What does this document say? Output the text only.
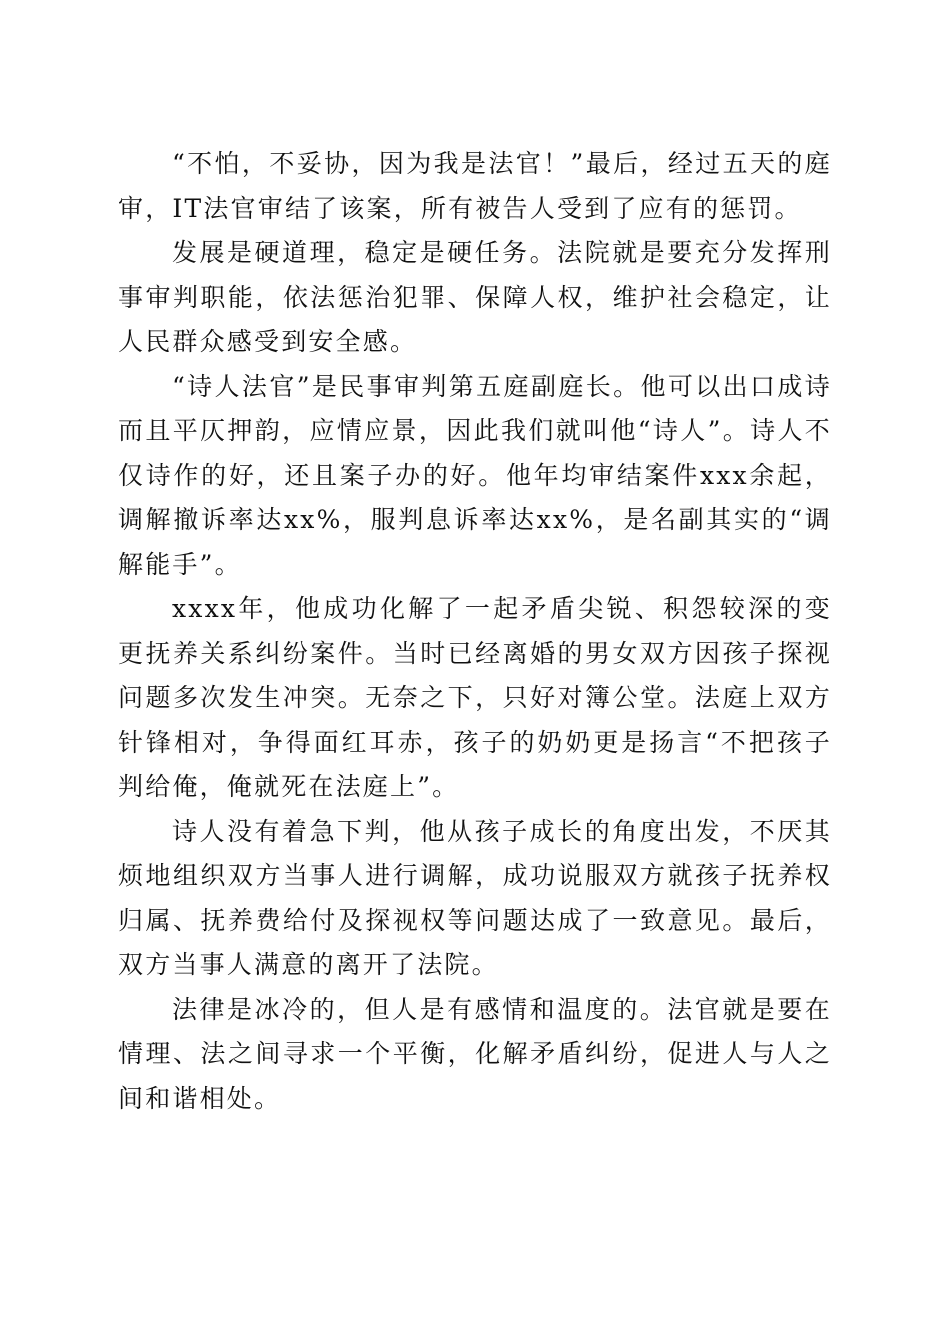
“不怕，不妥协，因为我是法官！”最后，经过五天的庭审，IT法官审结了该案，所有被告人受到了应有的惩罚。

发展是硬道理，稳定是硬任务。法院就是要充分发挥刑事审判职能，依法惩治犯罪、保障人权，维护社会稳定，让人民群众感受到安全感。

“诗人法官”是民事审判第五庭副庭长。他可以出口成诗而且平仄押韵，应情应景，因此我们就叫他“诗人”。诗人不仅诗作的好，还且案子办的好。他年均审结案件xxx余起，调解撤诉率达xx%，服判息诉率达xx%，是名副其实的“调解能手”。

xxxx年，他成功化解了一起矛盾尖锐、积怨较深的变更抚养关系纠纷案件。当时已经离婚的男女双方因孩子探视问题多次发生冲突。无奈之下，只好对簿公堂。法庭上双方针锋相对，争得面红耳赤，孩子的奶奶更是扬言“不把孩子判给俺，俺就死在法庭上”。

诗人没有着急下判，他从孩子成长的角度出发，不厌其烦地组织双方当事人进行调解，成功说服双方就孩子抚养权归属、抚养费给付及探视权等问题达成了一致意见。最后，双方当事人满意的离开了法院。

法律是冰冷的，但人是有感情和温度的。法官就是要在情理、法之间寻求一个平衡，化解矛盾纠纷，促进人与人之间和谐相处。
